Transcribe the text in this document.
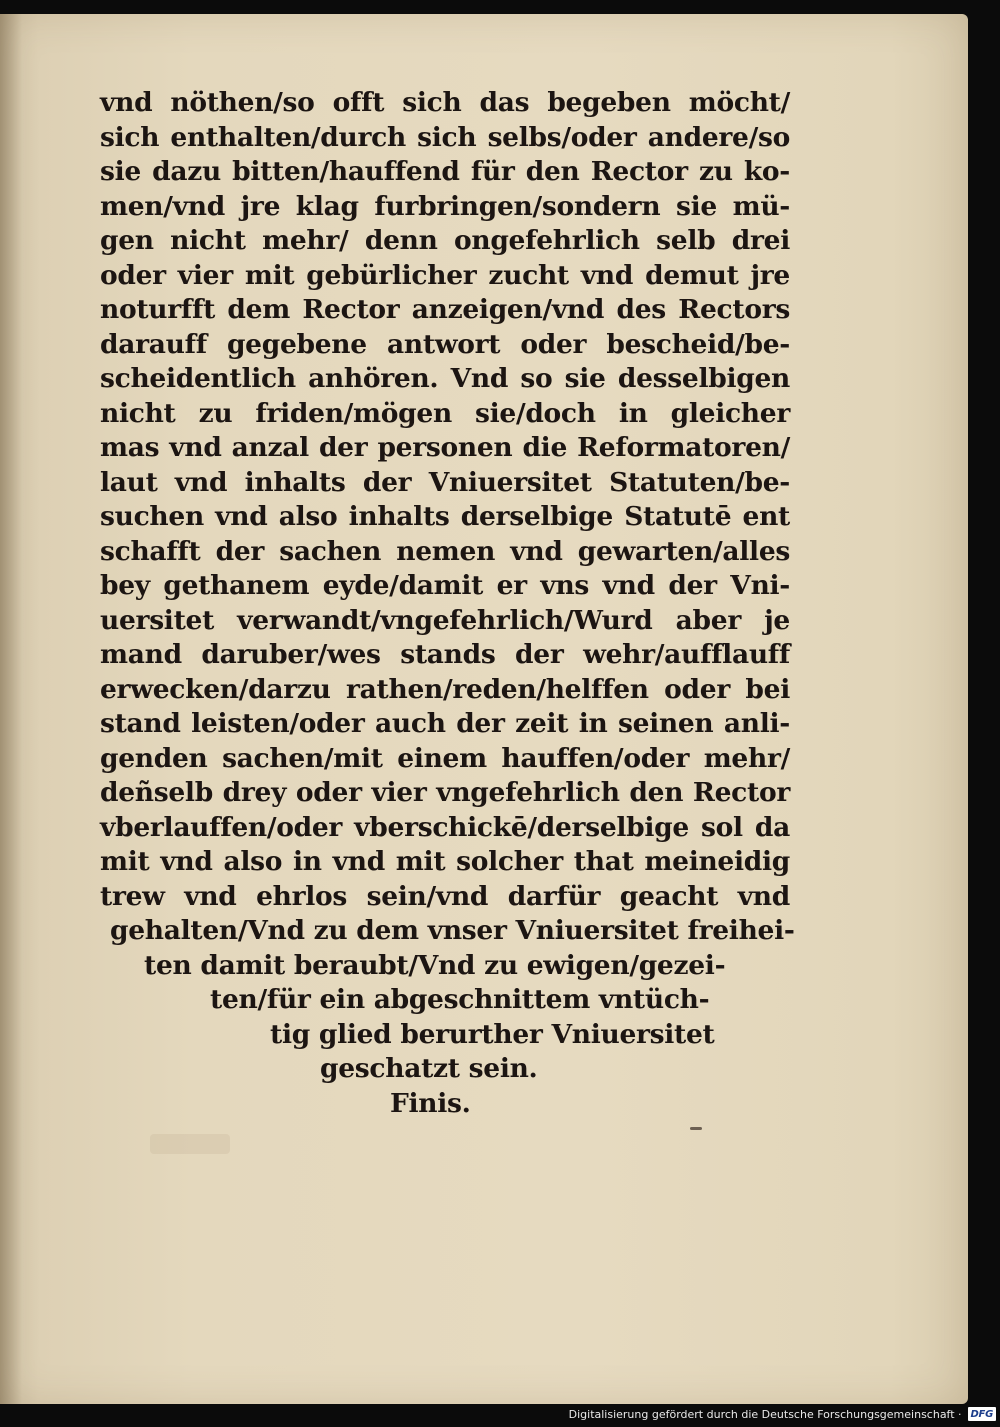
vnd nöthen/so offt sich das begeben möcht/
sich enthalten/durch sich selbs/oder andere/so
sie dazu bitten/hauffend für den Rector zu ko-
men/vnd jre klag furbringen/sondern sie mü-
gen nicht mehr/ denn ongefehrlich selb drei
oder vier mit gebürlicher zucht vnd demut jre
noturfft dem Rector anzeigen/vnd des Rectors
darauff gegebene antwort oder bescheid/be-
scheidentlich anhören. Vnd so sie desselbigen
nicht zu friden/mögen sie/doch in gleicher
mas vnd anzal der personen die Reformatoren/
laut vnd inhalts der Vniuersitet Statuten/be-
suchen vnd also inhalts derselbige Statutē ent
schafft der sachen nemen vnd gewarten/alles
bey gethanem eyde/damit er vns vnd der Vni-
uersitet verwandt/vngefehrlich/Wurd aber je
mand daruber/wes stands der wehr/aufflauff
erwecken/darzu rathen/reden/helffen oder bei
stand leisten/oder auch der zeit in seinen anli-
genden sachen/mit einem hauffen/oder mehr/
deñselb drey oder vier vngefehrlich den Rector
vberlauffen/oder vberschickē/derselbige sol da
mit vnd also in vnd mit solcher that meineidig
trew vnd ehrlos sein/vnd darfür geacht vnd
gehalten/Vnd zu dem vnser Vniuersitet freihei-
ten damit beraubt/Vnd zu ewigen/gezei-
ten/für ein abgeschnittem vntüch-
tig glied berurther Vniuersitet
geschatzt sein.
Finis.
Digitalisierung gefördert durch die Deutsche Forschungsgemeinschaft · DFG
